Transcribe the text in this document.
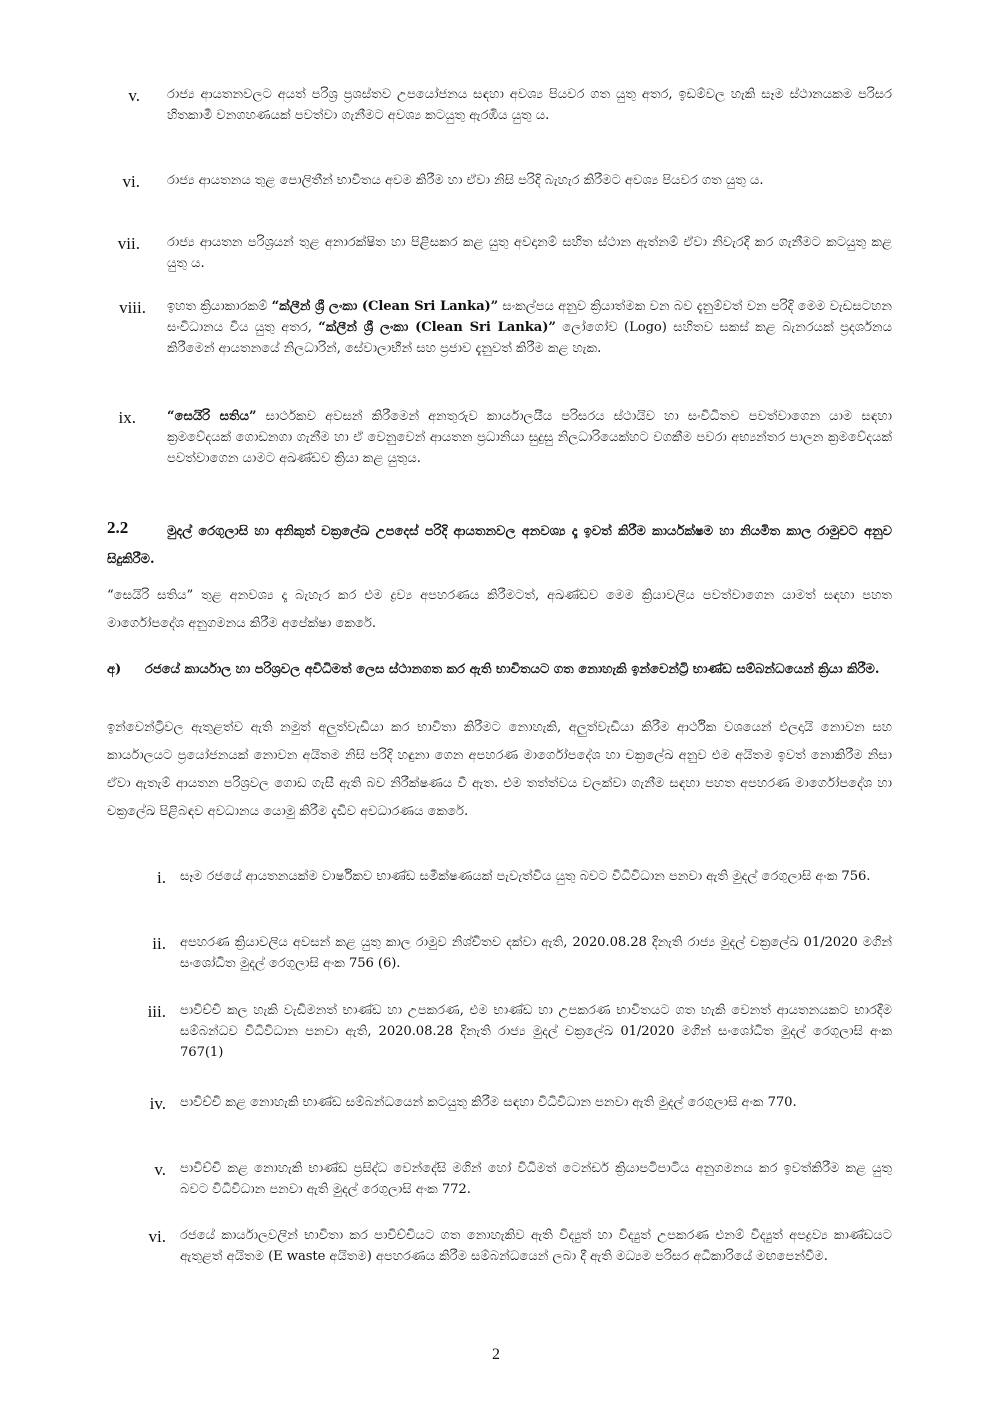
v. රාජ්‍ය ආයතනවලට අයත් පරිශ්‍ර ප්‍රශස්තව උපයෝජනය සඳහා අවශ්‍ය පියවර ගත යුතු අතර, ඉඩම්වල හැකි සෑම ස්ථානයකම පරිසර හිතකාමී වනගහණයක් පවත්වා ගැනීමට අවශ්‍ය කටයුතු ඇරඹිය යුතු ය.
vi. රාජ්‍ය ආයතනය තුළ පොලිතීන් භාවිතය අවම කිරීම හා ඒවා නිසි පරිදි බැහැර කිරීමට අවශ්‍ය පියවර ගත යුතු ය.
vii. රාජ්‍ය ආයතන පරිශ්‍රයන් තුළ අනාරක්ෂිත හා පිළිසකර කළ යුතු අවදානම් සහිත ස්ථාන ඇත්නම් ඒවා නිවැරදි කර ගැනීමට කටයුතු කළ යුතු ය.
viii. ඉහත ක්‍රියාකාරකම් “ක්ලීන් ශ්‍රී ලංකා (Clean Sri Lanka)” සංකල්පය අනුව ක්‍රියාත්මක වන බව දැනුම්වත් වන පරිදි මෙම වැඩසටහන සංවිධානය විය යුතු අතර, “ක්ලීන් ශ්‍රී ලංකා (Clean Sri Lanka)” ලෝගෝව (Logo) සහිතව සකස් කළ බැනරයක් ප්‍රදර්ශනය කිරීමෙන් ආයතනයේ නිලධාරින්, සේවාලාභීන් සහ ප්‍රජාව දැනුවත් කිරීම කළ හැක.
ix. “සෙයිරි සතිය” සාර්ථකව අවසන් කිරීමෙන් අනතුරුව කාර්යාලයීය පරිසරය ස්ථායිව හා සංවිධිතව පවත්වාගෙන යාම සඳහා ක්‍රමවේදයක් ගොඩනගා ගැනීම හා ඒ වෙනුවෙන් ආයතන ප්‍රධානියා සුදුසු නිලධාරියෙක්හට වගකීම පවරා අභ්‍යන්තර පාලන ක්‍රමවේදයක් පවත්වාගෙන යාමට අඛණ්ඩව ක්‍රියා කළ යුතුය.
2.2	මුදල් රෙගුලාසි හා අනිකුත් චක්‍රලේඛ උපදෙස් පරිදි ආයතනවල අනවශ්‍ය දෑ ඉවත් කිරීම කාර්යක්ෂම හා නියමිත කාල රාමුවට අනුව සිදුකිරීම.
“සෙයිරි සතිය” තුළ අනවශ්‍ය දෑ බැහැර කර එම ද්‍රව්‍ය අපහරණය කිරීමටත්, අඛණ්ඩව මෙම ක්‍රියාවලිය පවත්වාගෙන යාමත් සඳහා පහත මාර්ගෝපදේශ අනුගමනය කිරීම අපේක්ෂා කෙරේ.
අ)	රජයේ කාර්යාල හා පරිශ්‍රවල අවිධිමත් ලෙස ස්ථානගත කර ඇති භාවිතයට ගත නොහැකි ඉන්වෙන්ට්‍රි භාණ්ඩ සම්බන්ධයෙන් ක්‍රියා කිරීම.
ඉන්වෙන්ට්‍රිවල ඇතුළත්ව ඇති නමුත් අලුත්වැඩියා කර භාවිතා කිරීමට නොහැකි, අලුත්වැඩියා කිරීම ආර්ථික වශයෙන් ඵලදායි නොවන සහ කාර්යාලයට ප්‍රයෝජනයක් නොවන අයිතම නිසි පරිදි හඳුනා ගෙන අපහරණ මාර්ගෝපදේශ හා චක්‍රලේඛ අනුව එම අයිතම ඉවත් නොකිරීම නිසා ඒවා ඇතැම් ආයතන පරිශ්‍රවල ගොඩ ගැසී ඇති බව නිරීක්ෂණය වී ඇත. එම තත්ත්වය වලක්වා ගැනීම සඳහා පහත අපහරණ මාර්ගෝපදේශ හා චක්‍රලේඛ පිළිබඳව අවධානය යොමු කිරීම දැඩිව අවධාරණය කෙරේ.
i. සෑම රජයේ ආයතනයක්ම වාර්ෂිකව භාණ්ඩ සමීක්ෂණයක් පැවැත්විය යුතු බවට විධිවිධාන පනවා ඇති මුදල් රෙගුලාසි අංක 756.
ii. අපහරණ ක්‍රියාවලිය අවසන් කළ යුතු කාල රාමුව නිශ්චිතව දක්වා ඇති, 2020.08.28 දිනැති රාජ්‍ය මුදල් චක්‍රලේඛ 01/2020 මගින් සංශෝධිත මුදල් රෙගුලාසි අංක 756 (6).
iii. පාවිච්චි කල හැකි වැඩිමනත් භාණ්ඩ හා උපකරණ, එම භාණ්ඩ හා උපකරණ භාවිතයට ගත හැකි වෙනත් ආයතනයකට භාරදීම සම්බන්ධව විධිවිධාන පනවා ඇති, 2020.08.28 දිනැති රාජ්‍ය මුදල් චක්‍රලේඛ 01/2020 මගින් සංශෝධිත මුදල් රෙගුලාසි අංක 767(1)
iv. පාවිච්චි කළ නොහැකි භාණ්ඩ සම්බන්ධයෙන් කටයුතු කිරීම සඳහා විධිවිධාන පනවා ඇති මුදල් රෙගුලාසි අංක 770.
v. පාවිච්චි කළ නොහැකි භාණ්ඩ ප්‍රසිද්ධ වෙන්දේසි මගින් හෝ විධිමත් ටෙන්ඩර් ක්‍රියාපටිපාටිය අනුගමනය කර ඉවත්කිරීම කළ යුතු බවට විධිවිධාන පනවා ඇති මුදල් රෙගුලාසි අංක 772.
vi. රජයේ කාර්යාලවලින් භාවිතා කර පාවිච්චියට ගත නොහැකිව ඇති විද්‍යුත් හා විද්‍යුත් උපකරණ එනම් විද්‍යුත් අපද්‍රව්‍ය කාණ්ඩයට ඇතුළත් අයිතම (E waste අයිතම) අපහරණය කිරීම සම්බන්ධයෙන් ලබා දී ඇති මධ්‍යම පරිසර අධිකාරියේ මඟපෙන්වීම.
2
